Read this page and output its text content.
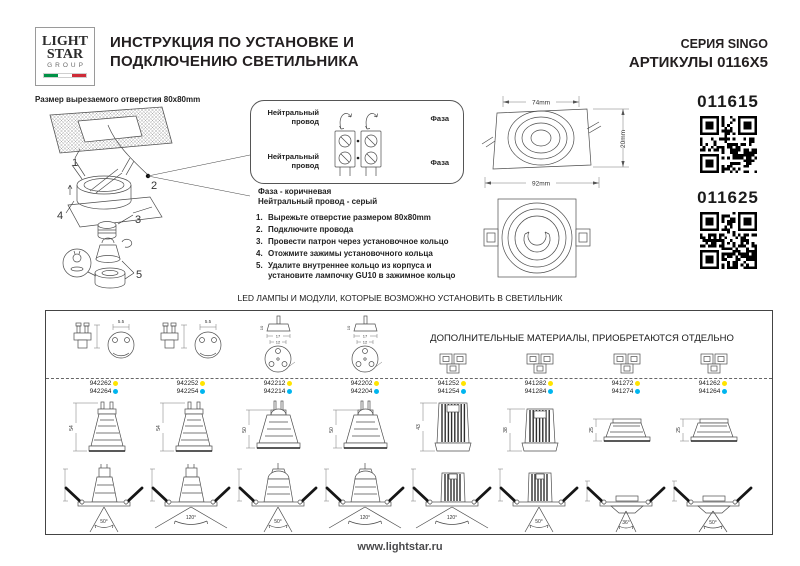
LIGHT
STAR
GROUP
ИНСТРУКЦИЯ ПО УСТАНОВКЕ И
ПОДКЛЮЧЕНИЮ СВЕТИЛЬНИКА
СЕРИЯ SINGO
АРТИКУЛЫ 0116X5
Размер вырезаемого отверстия 80x80mm
1
2
3
4
5
Нейтральный провод	Фаза
Нейтральный провод	Фаза
Фаза - коричневая
Нейтральный провод - серый
1. Вырежьте отверстие размером 80х80mm
2. Подключите провода
3. Провести патрон через установочное кольцо
4. Отожмите зажимы установочного кольца
5. Удалите внутреннее кольцо из корпуса и установите лампочку GU10 в зажимное кольцо
74mm
20mm
92mm
011615
011625
LED ЛАМПЫ И МОДУЛИ, КОТОРЫЕ ВОЗМОЖНО УСТАНОВИТЬ В СВЕТИЛЬНИК
ДОПОЛНИТЕЛЬНЫЕ МАТЕРИАЛЫ, ПРИОБРЕТАЮТСЯ ОТДЕЛЬНО
5.5
942262
942264
54
50°
5.5
942252
942254
54
120°
10
17
12
942212
942214
50
50°
10
17
12
942202
942204
50
120°
941252
941254
43
120°
941282
941284
38
50°
941272
941274
25
36°
941262
941264
25
50°
www.lightstar.ru
